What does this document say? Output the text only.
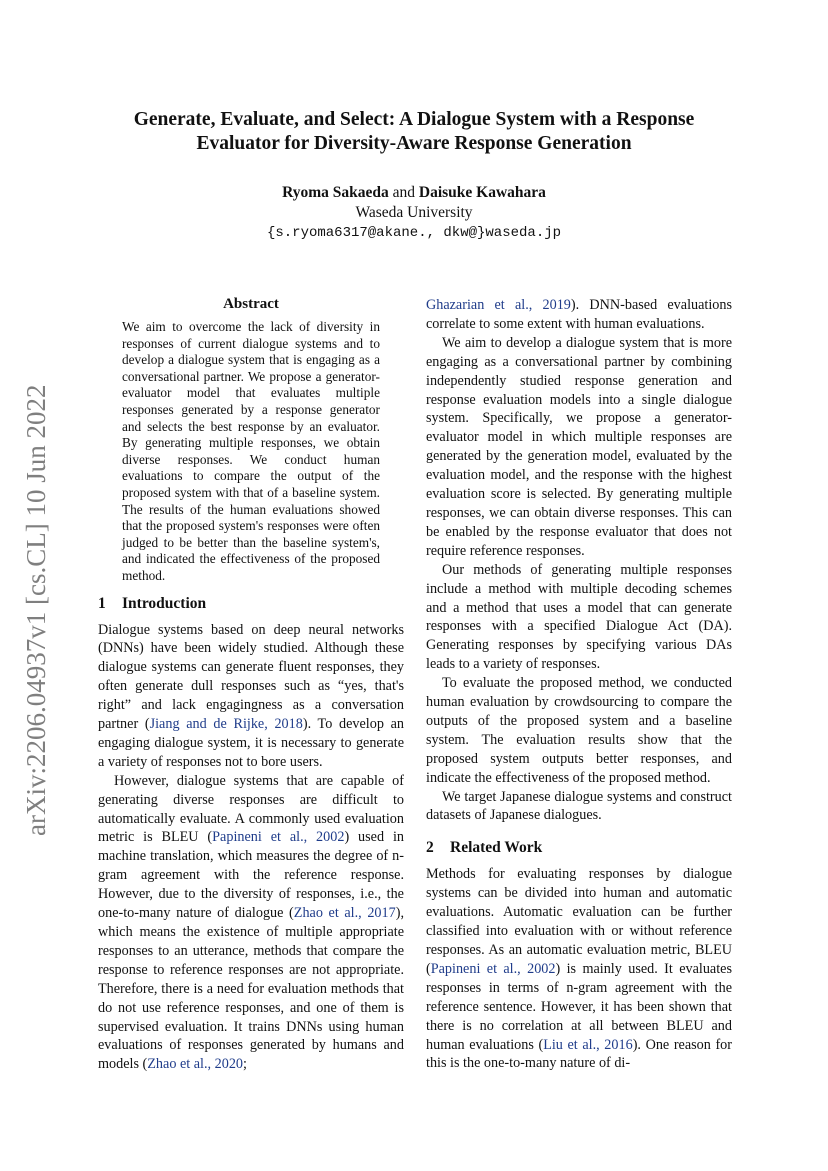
arXiv:2206.04937v1 [cs.CL] 10 Jun 2022
Generate, Evaluate, and Select: A Dialogue System with a Response
Evaluator for Diversity-Aware Response Generation
Ryoma Sakaeda and Daisuke Kawahara
Waseda University
{s.ryoma6317@akane., dkw@}waseda.jp
Abstract
We aim to overcome the lack of diversity in responses of current dialogue systems and to develop a dialogue system that is engaging as a conversational partner. We propose a generator-evaluator model that evaluates multiple responses generated by a response generator and selects the best response by an evaluator. By generating multiple responses, we obtain diverse responses. We conduct human evaluations to compare the output of the proposed system with that of a baseline system. The results of the human evaluations showed that the proposed system's responses were often judged to be better than the baseline system's, and indicated the effectiveness of the proposed method.
1 Introduction

Dialogue systems based on deep neural networks (DNNs) have been widely studied. Although these dialogue systems can generate fluent responses, they often generate dull responses such as “yes, that's right” and lack engagingness as a conversation partner (Jiang and de Rijke, 2018). To develop an engaging dialogue system, it is necessary to generate a variety of responses not to bore users.

However, dialogue systems that are capable of generating diverse responses are difficult to automatically evaluate. A commonly used evaluation metric is BLEU (Papineni et al., 2002) used in machine translation, which measures the degree of n-gram agreement with the reference response. However, due to the diversity of responses, i.e., the one-to-many nature of dialogue (Zhao et al., 2017), which means the existence of multiple appropriate responses to an utterance, methods that compare the response to reference responses are not appropriate. Therefore, there is a need for evaluation methods that do not use reference responses, and one of them is supervised evaluation. It trains DNNs using human evaluations of responses generated by humans and models (Zhao et al., 2020;

Ghazarian et al., 2019). DNN-based evaluations correlate to some extent with human evaluations.

We aim to develop a dialogue system that is more engaging as a conversational partner by combining independently studied response generation and response evaluation models into a single dialogue system. Specifically, we propose a generator-evaluator model in which multiple responses are generated by the generation model, evaluated by the evaluation model, and the response with the highest evaluation score is selected. By generating multiple responses, we can obtain diverse responses. This can be enabled by the response evaluator that does not require reference responses.

Our methods of generating multiple responses include a method with multiple decoding schemes and a method that uses a model that can generate responses with a specified Dialogue Act (DA). Generating responses by specifying various DAs leads to a variety of responses.

To evaluate the proposed method, we conducted human evaluation by crowdsourcing to compare the outputs of the proposed system and a baseline system. The evaluation results show that the proposed system outputs better responses, and indicate the effectiveness of the proposed method.

We target Japanese dialogue systems and construct datasets of Japanese dialogues.

2 Related Work

Methods for evaluating responses by dialogue systems can be divided into human and automatic evaluations. Automatic evaluation can be further classified into evaluation with or without reference responses. As an automatic evaluation metric, BLEU (Papineni et al., 2002) is mainly used. It evaluates responses in terms of n-gram agreement with the reference sentence. However, it has been shown that there is no correlation at all between BLEU and human evaluations (Liu et al., 2016). One reason for this is the one-to-many nature of di-
